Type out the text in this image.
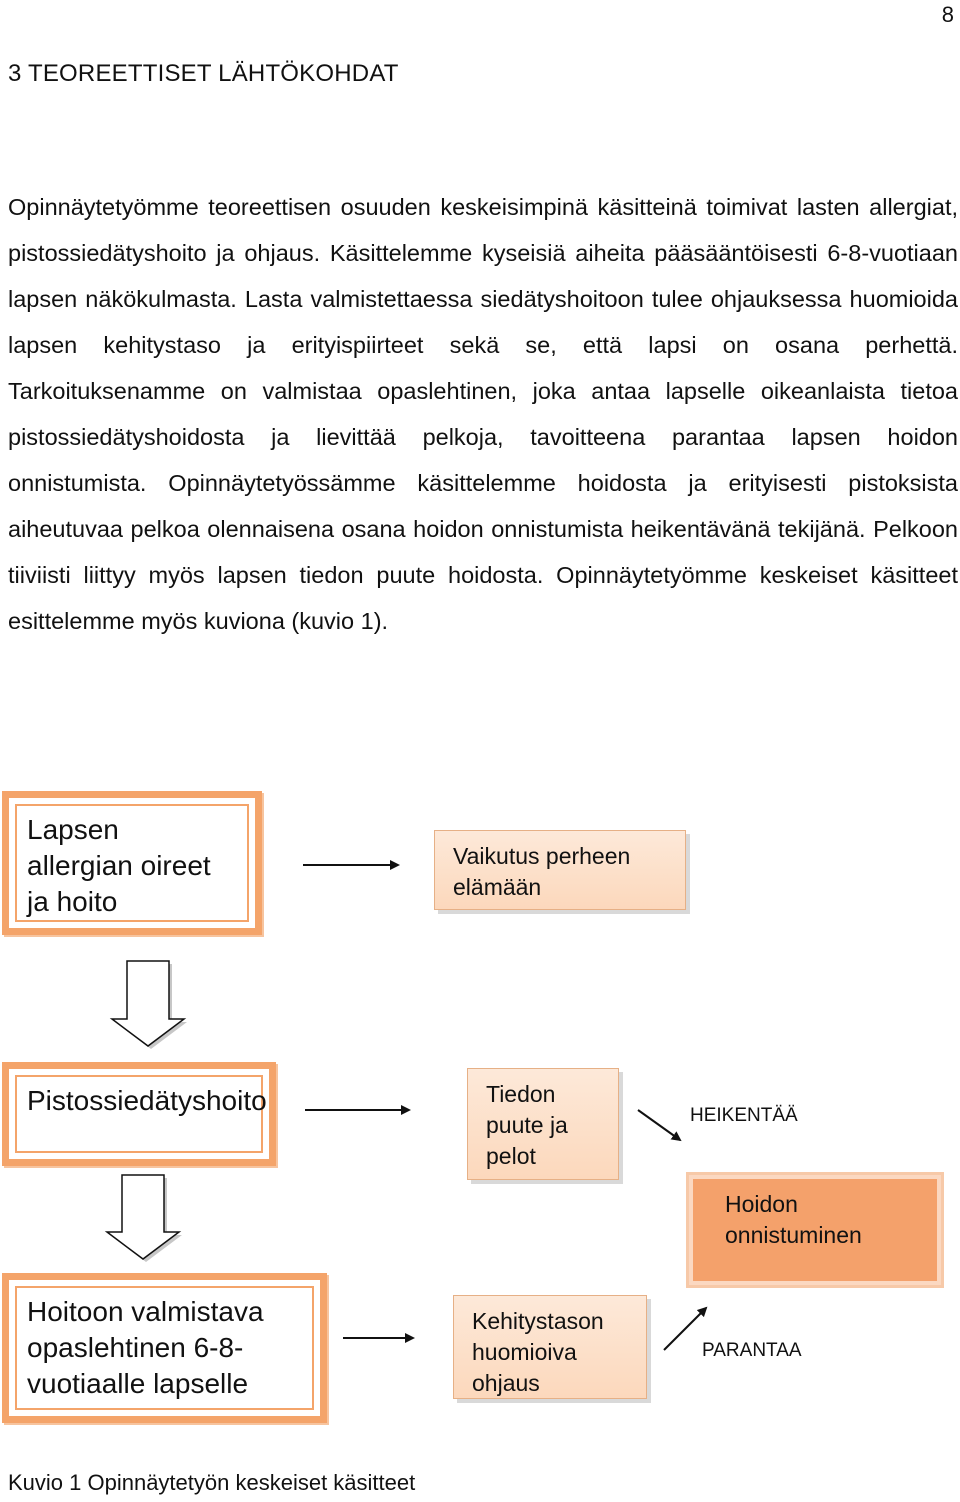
8
3 TEOREETTISET LÄHTÖKOHDAT

Opinnäytetyömme teoreettisen osuuden keskeisimpinä käsitteinä toimivat lasten allergiat, pistossiedätyshoito ja ohjaus. Käsittelemme kyseisiä aiheita pääsääntöisesti 6-8-vuotiaan lapsen näkökulmasta. Lasta valmistettaessa siedätyshoitoon tulee ohjauksessa huomioida lapsen kehitystaso ja erityispiirteet sekä se, että lapsi on osana perhettä. Tarkoituksenamme on valmistaa opaslehtinen, joka antaa lapselle oikeanlaista tietoa pistossiedätyshoidosta ja lievittää pelkoja, tavoitteena parantaa lapsen hoidon onnistumista. Opinnäytetyössämme käsittelemme hoidosta ja erityisesti pistoksista aiheutuvaa pelkoa olennaisena osana hoidon onnistumista heikentävänä tekijänä. Pelkoon tiiviisti liittyy myös lapsen tiedon puute hoidosta. Opinnäytetyömme keskeiset käsitteet esittelemme myös kuviona (kuvio 1).

Lapsen allergian oireet ja hoito
Vaikutus perheen elämään
Pistossiedätyshoito	Tiedon puute ja pelot
HEIKENTÄÄ
Hoidon onnistuminen
Hoitoon valmistava opaslehtinen 6-8-vuotiaalle lapselle
Kehitystason huomioiva ohjaus
PARANTAA
Kuvio 1 Opinnäytetyön keskeiset käsitteet
